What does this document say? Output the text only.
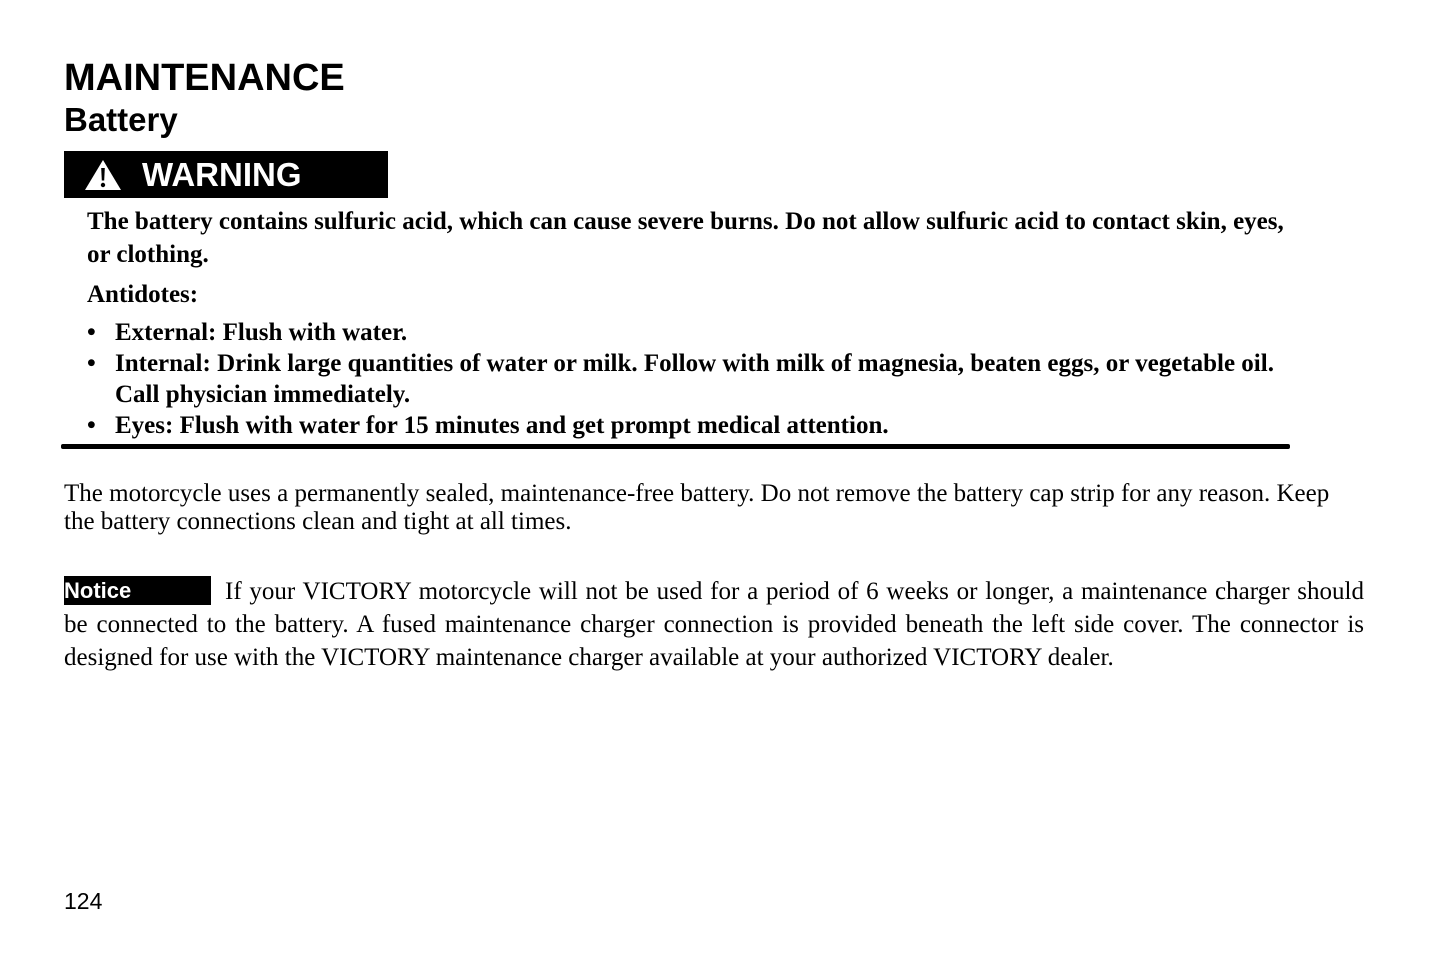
MAINTENANCE
Battery
WARNING

The battery contains sulfuric acid, which can cause severe burns. Do not allow sulfuric acid to contact skin, eyes, or clothing.

Antidotes:

• External: Flush with water.
• Internal: Drink large quantities of water or milk. Follow with milk of magnesia, beaten eggs, or vegetable oil. Call physician immediately.
• Eyes: Flush with water for 15 minutes and get prompt medical attention.

The motorcycle uses a permanently sealed, maintenance-free battery. Do not remove the battery cap strip for any reason. Keep the battery connections clean and tight at all times.

Notice	If your VICTORY motorcycle will not be used for a period of 6 weeks or longer, a maintenance charger should be connected to the battery. A fused maintenance charger connection is provided beneath the left side cover. The connector is designed for use with the VICTORY maintenance charger available at your authorized VICTORY dealer.

124
